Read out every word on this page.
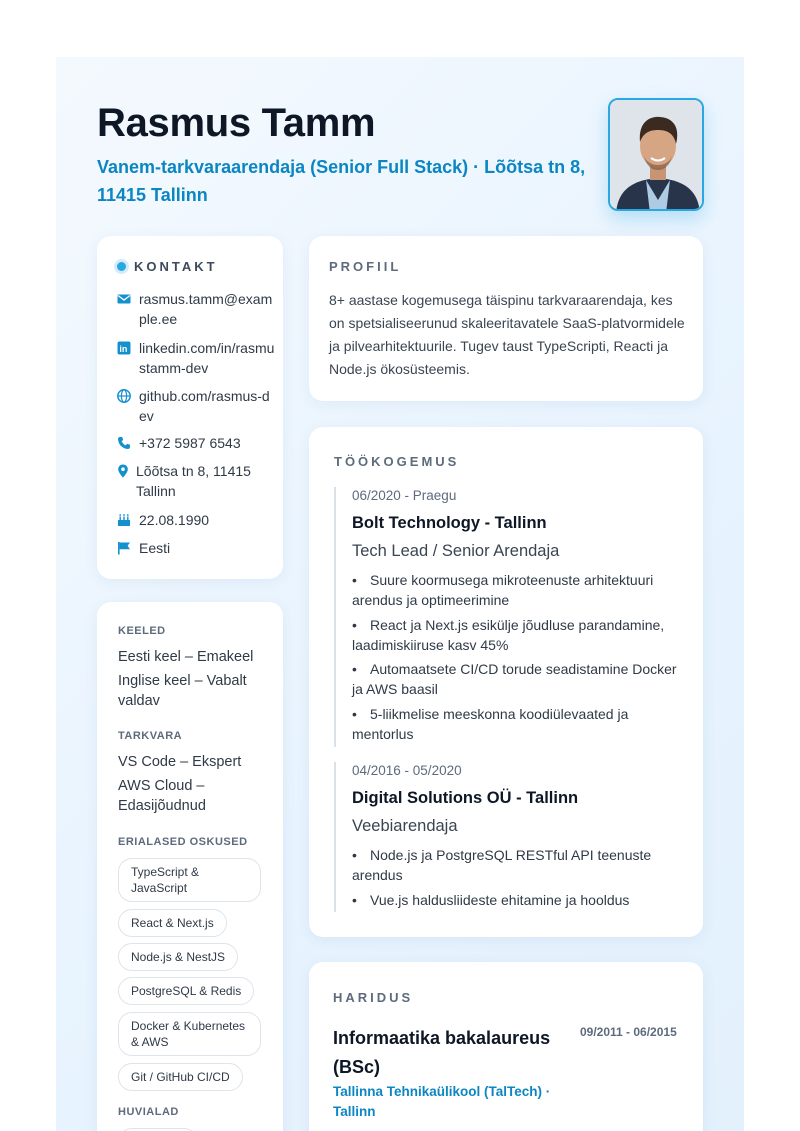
Rasmus Tamm
Vanem-tarkvaraarendaja (Senior Full Stack) · Lõõtsa tn 8, 11415 Tallinn
KONTAKT
rasmus.tamm@example.ee
in linkedin.com/in/rasmustamm-dev
github.com/rasmus-dev
+372 5987 6543
Lõõtsa tn 8, 11415 Tallinn
22.08.1990
Eesti
KEELED
Eesti keel – Emakeel
Inglise keel – Vabalt valdav
TARKVARA
VS Code – Ekspert
AWS Cloud – Edasijõudnud
ERIALASED OSKUSED
TypeScript & JavaScript
React & Next.js
Node.js & NestJS
PostgreSQL & Redis
Docker & Kubernetes & AWS
Git / GitHub CI/CD
HUVIALAD
PROFIIL
8+ aastase kogemusega täispinu tarkvaraarendaja, kes on spetsialiseerunud skaleeritavatele SaaS-platvormidele ja pilvearhitektuurile. Tugev taust TypeScripti, Reacti ja Node.js ökosüsteemis.
TÖÖKOGEMUS
06/2020 - Praegu
Bolt Technology - Tallinn
Tech Lead / Senior Arendaja
• Suure koormusega mikroteenuste arhitektuuri arendus ja optimeerimine
• React ja Next.js esikülje jõudluse parandamine, laadimiskiiruse kasv 45%
• Automaatsete CI/CD torude seadistamine Docker ja AWS baasil
• 5-liikmelise meeskonna koodiülevaated ja mentorlus
04/2016 - 05/2020
Digital Solutions OÜ - Tallinn
Veebiarendaja
• Node.js ja PostgreSQL RESTful API teenuste arendus
• Vue.js haldusliideste ehitamine ja hooldus
HARIDUS
Informaatika bakalaureus (BSc)
09/2011 - 06/2015
Tallinna Tehnikaülikool (TalTech) · Tallinn
